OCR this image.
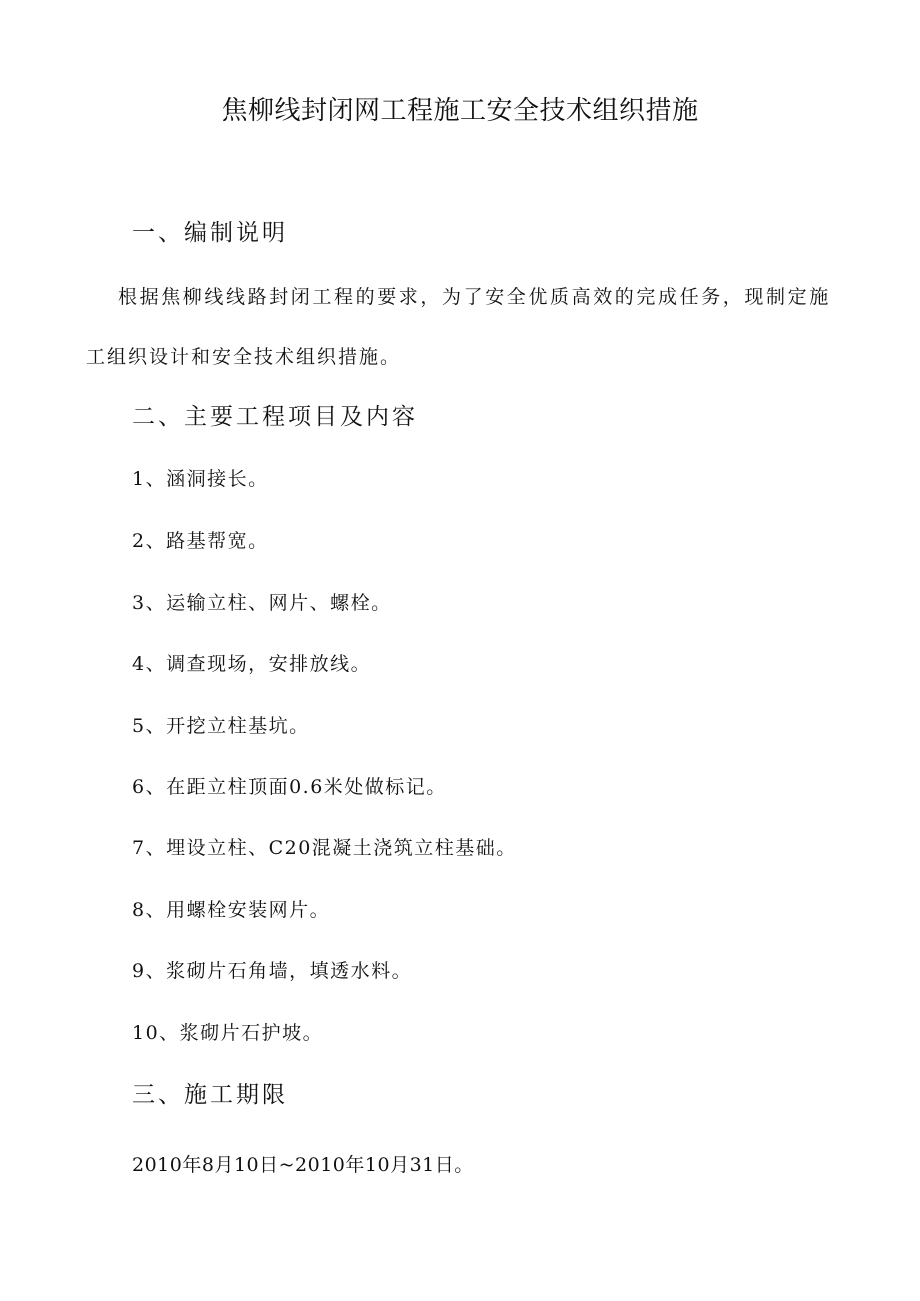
焦柳线封闭网工程施工安全技术组织措施
一、编制说明

根据焦柳线线路封闭工程的要求，为了安全优质高效的完成任务，现制定施

工组织设计和安全技术组织措施。

二、主要工程项目及内容

1、涵洞接长。

2、路基帮宽。

3、运输立柱、网片、螺栓。

4、调查现场，安排放线。

5、开挖立柱基坑。

6、在距立柱顶面0.6米处做标记。

7、埋设立柱、C20混凝土浇筑立柱基础。

8、用螺栓安装网片。

9、浆砌片石角墙，填透水料。

10、浆砌片石护坡。

三、施工期限

2010年8月10日~2010年10月31日。
